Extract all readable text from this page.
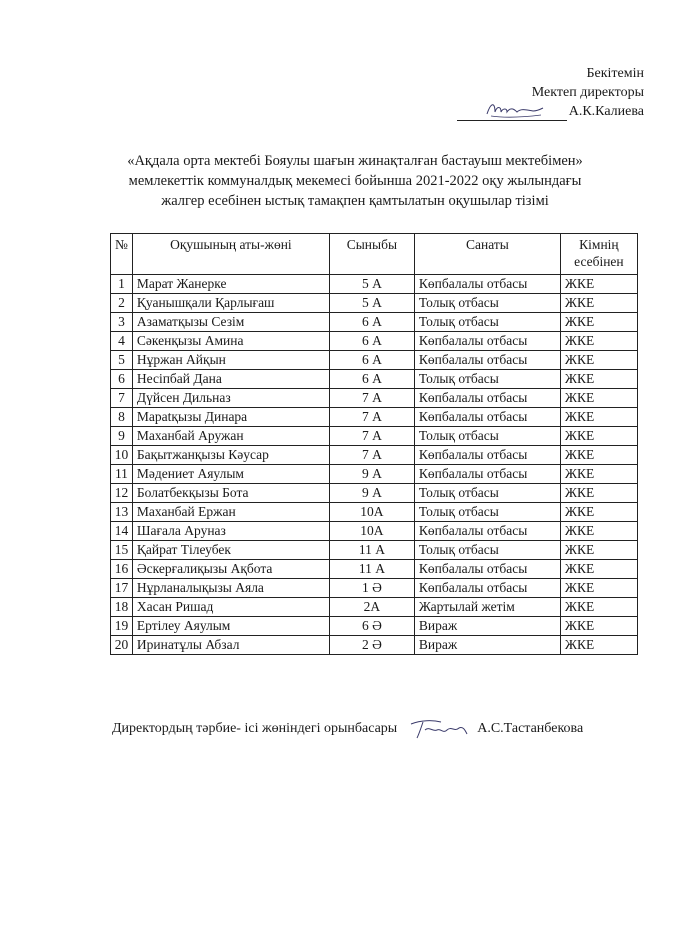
Бекітемін
Мектеп директоры
А.К.Калиева
«Ақдала орта мектебі Бояулы шағын жинақталған бастауыш мектебімен»
мемлекеттік коммуналдық мекемесі бойынша 2021-2022 оқу жылындағы
жалгер есебінен ыстық тамақпен қамтылатын оқушылар тізімі
№	Оқушының аты-жөні	Сыныбы	Санаты	Кімнің
есебінен

1	Марат Жанерке	5 А	Көпбалалы отбасы	ЖКЕ
2	Қуанышқали Қарлығаш	5 А	Толық отбасы	ЖКЕ
3	Азаматқызы Сезім	6 А	Толық отбасы	ЖКЕ
4	Сәкенқызы Амина	6 А	Көпбалалы отбасы	ЖКЕ
5	Нұржан Айқын	6 А	Көпбалалы отбасы	ЖКЕ
6	Несіпбай Дана	6 А	Толық отбасы	ЖКЕ
7	Дүйсен Дильназ	7 А	Көпбалалы отбасы	ЖКЕ
8	Мараtқызы Динара	7 А	Көпбалалы отбасы	ЖКЕ
9	Маханбай Аружан	7 А	Толық отбасы	ЖКЕ
10	Бақытжанқызы Кәусар	7 А	Көпбалалы отбасы	ЖКЕ
11	Мәдениет Аяулым	9 А	Көпбалалы отбасы	ЖКЕ
12	Болатбекқызы Бота	9 А	Толық отбасы	ЖКЕ
13	Маханбай Ержан	10А	Толық отбасы	ЖКЕ
14	Шағала Аруназ	10А	Көпбалалы отбасы	ЖКЕ
15	Қайрат Тілеубек	11 А	Толық отбасы	ЖКЕ
16	Әскерғалиқызы Ақбота	11 А	Көпбалалы отбасы	ЖКЕ
17	Нұрланалықызы Аяла	1 Ә	Көпбалалы отбасы	ЖКЕ
18	Хасан Ришад	2А	Жартылай жетім	ЖКЕ
19	Ертілеу Аяулым	6 Ә	Вираж	ЖКЕ
20	Иринатұлы Абзал	2 Ә	Вираж	ЖКЕ
Директордың тәрбие- ісі жөніндегі орынбасары	А.С.Тастанбекова
